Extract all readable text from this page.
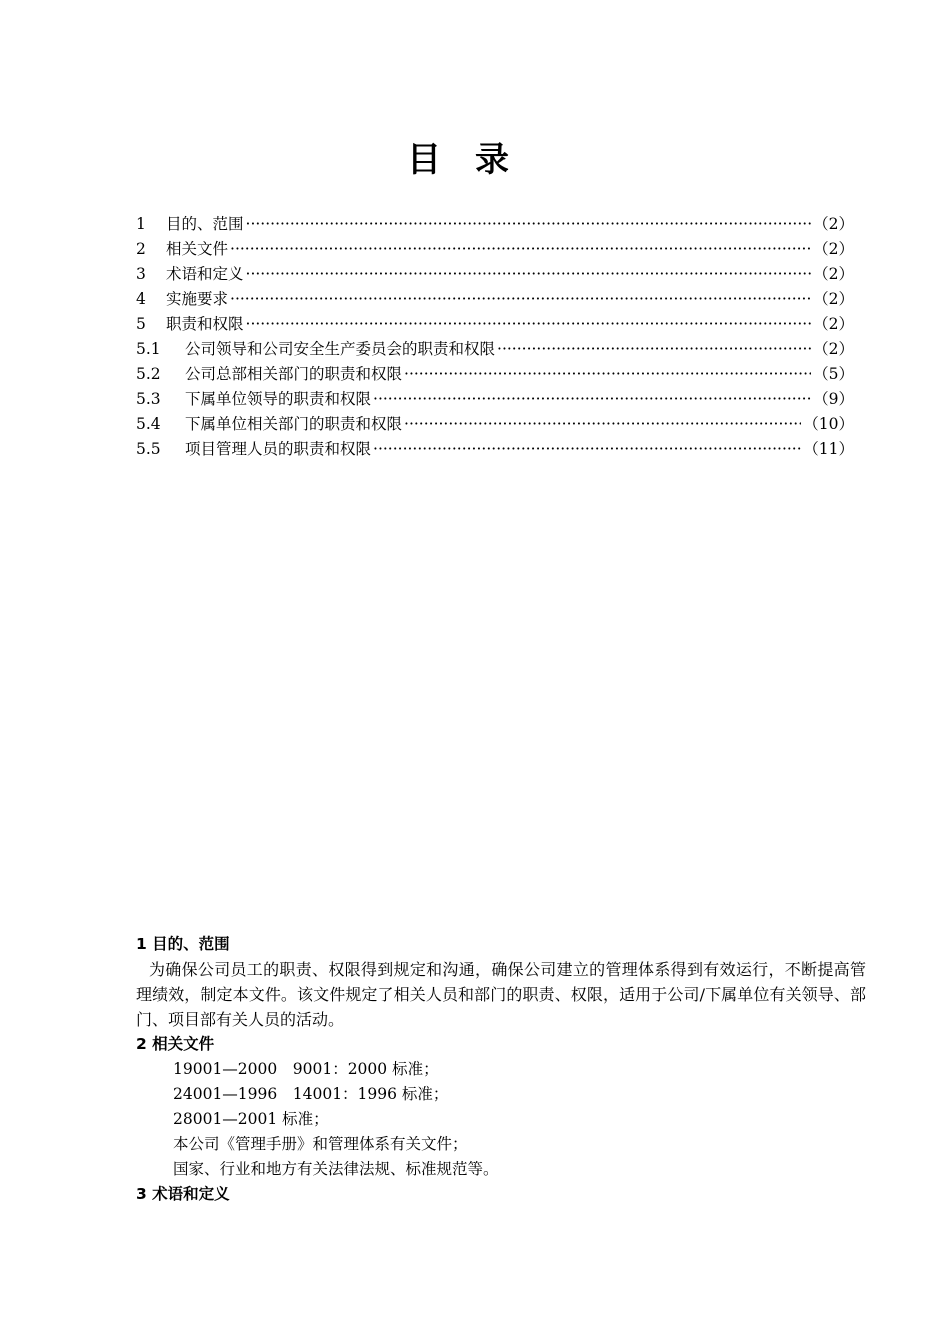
目录
1	目的、范围 ·····	（2）
2	相关文件 ·····	（2）
3	术语和定义 ·····	（2）
4	实施要求 ·····	（2）
5	职责和权限 ·····	（2）
5.1	公司领导和公司安全生产委员会的职责和权限 ·····	（2）
5.2	公司总部相关部门的职责和权限 ·····	（5）
5.3	下属单位领导的职责和权限 ·····	（9）
5.4	下属单位相关部门的职责和权限 ·····	（10）
5.5	项目管理人员的职责和权限 ·····	（11）
1 目的、范围
为确保公司员工的职责、权限得到规定和沟通，确保公司建立的管理体系得到有效运行，不断提高管理绩效，制定本文件。该文件规定了相关人员和部门的职责、权限，适用于公司/下属单位有关领导、部门、项目部有关人员的活动。
2 相关文件
19001—2000　9001：2000 标准；
24001—1996　14001：1996 标准；
28001—2001 标准；
本公司《管理手册》和管理体系有关文件；
国家、行业和地方有关法律法规、标准规范等。
3 术语和定义
